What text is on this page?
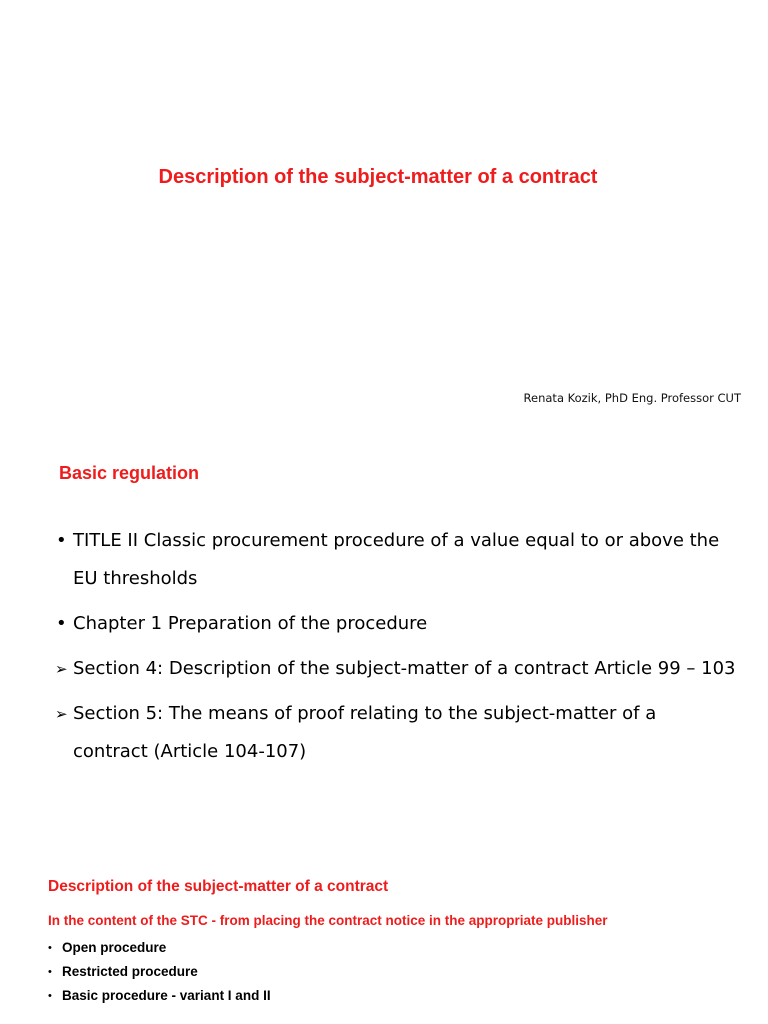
Description of the subject-matter of a contract
Renata Kozik, PhD Eng. Professor CUT
Basic regulation
• TITLE II Classic procurement procedure of a value equal to or above the EU thresholds
• Chapter 1 Preparation of the procedure
➢ Section 4: Description of the subject-matter of a contract Article 99 – 103
➢ Section 5: The means of proof relating to the subject-matter of a contract (Article 104-107)
Description of the subject-matter of a contract
In the content of the STC - from placing the contract notice in the appropriate publisher
• Open procedure
• Restricted procedure
• Basic procedure - variant I and II
